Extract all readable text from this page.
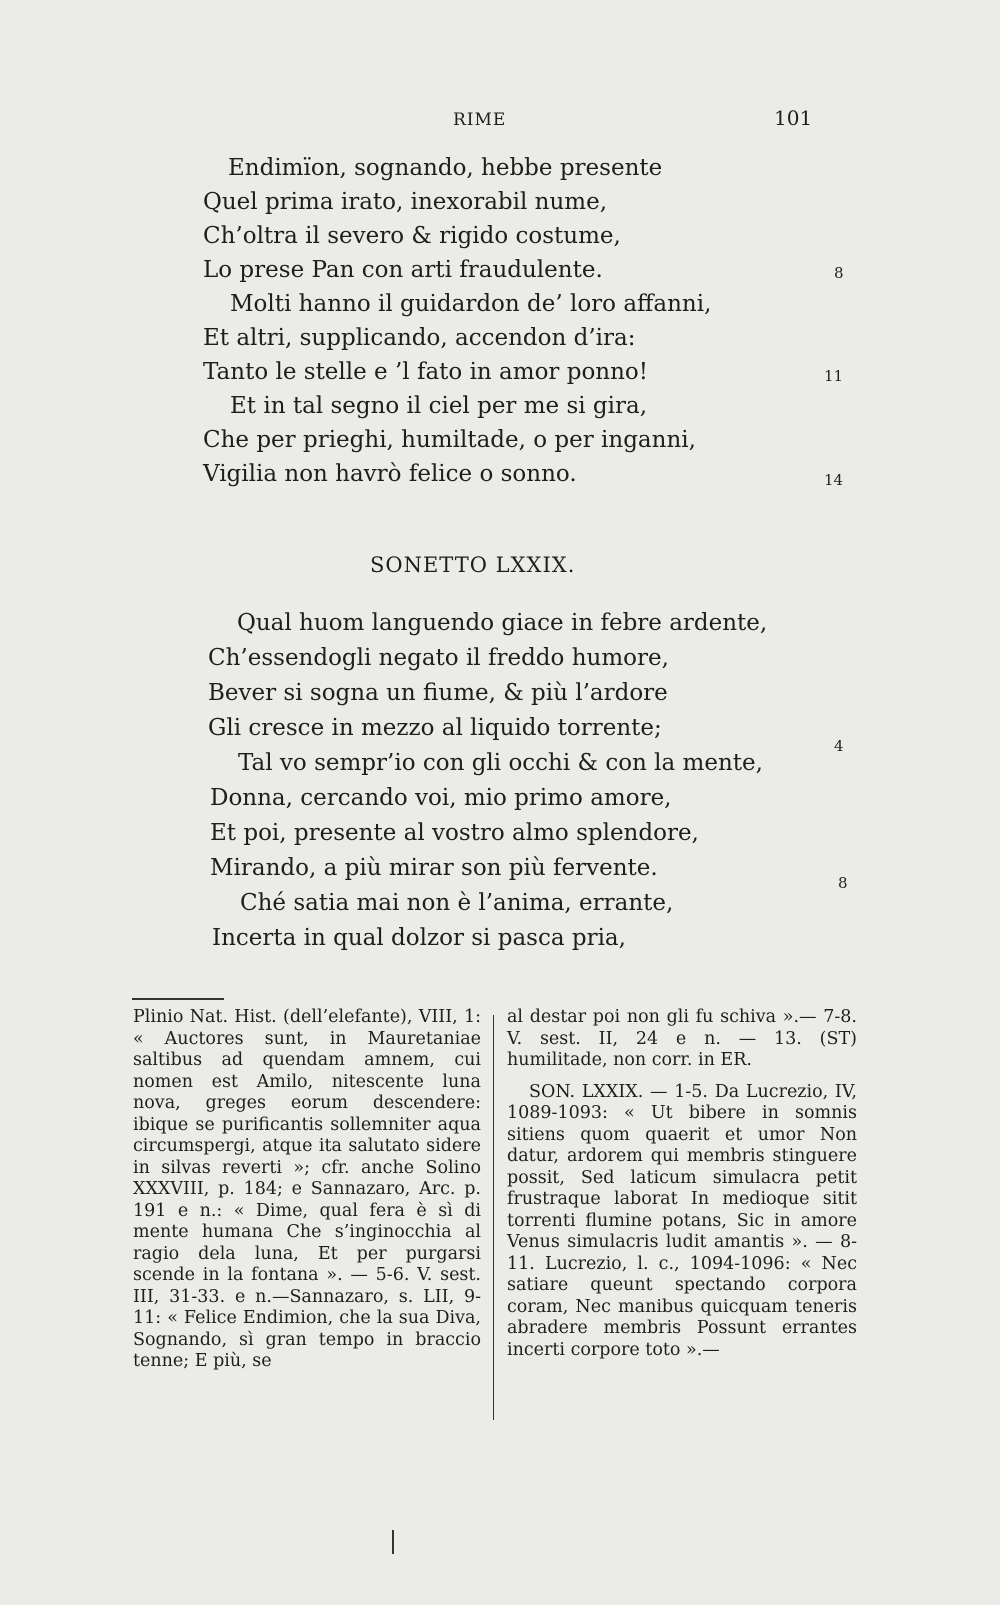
RIME	101
Endimïon, sognando, hebbe presente
Quel prima irato, inexorabil nume,
Ch’oltra il severo & rigido costume,
Lo prese Pan con arti fraudulente.	8
Molti hanno il guidardon de’ loro affanni,
Et altri, supplicando, accendon d’ira:
Tanto le stelle e ’l fato in amor ponno!	11
Et in tal segno il ciel per me si gira,
Che per prieghi, humiltade, o per inganni,
Vigilia non havrò felice o sonno.	14
SONETTO LXXIX.
Qual huom languendo giace in febre ardente,
Ch’essendogli negato il freddo humore,
Bever si sogna un fiume, & più l’ardore
Gli cresce in mezzo al liquido torrente;
4
Tal vo sempr’io con gli occhi & con la mente,
Donna, cercando voi, mio primo amore,
Et poi, presente al vostro almo splendore,
Mirando, a più mirar son più fervente.
8
Ché satia mai non è l’anima, errante,
Incerta in qual dolzor si pasca pria,

Plinio Nat. Hist. (dell’elefante), VIII, 1: « Auctores sunt, in Mauretaniae saltibus ad quendam amnem, cui nomen est Amilo, nitescente luna nova, greges eorum descendere: ibique se purificantis sollemniter aqua circumspergi, atque ita salutato sidere in silvas reverti »; cfr. anche Solino XXXVIII, p. 184; e Sannazaro, Arc. p. 191 e n.: « Dime, qual fera è sì di mente humana Che s’inginocchia al ragio dela luna, Et per purgarsi scende in la fontana ». — 5-6. V. sest. III, 31-33. e n.—Sannazaro, s. LII, 9-11: « Felice Endimion, che la sua Diva, Sognando, sì gran tempo in braccio tenne; E più, se

al destar poi non gli fu schiva ».— 7-8. V. sest. II, 24 e n. — 13. (ST) humilitade, non corr. in ER.

SON. LXXIX. — 1-5. Da Lucrezio, IV, 1089-1093: « Ut bibere in somnis sitiens quom quaerit et umor Non datur, ardorem qui membris stinguere possit, Sed laticum simulacra petit frustraque laborat In medioque sitit torrenti flumine potans, Sic in amore Venus simulacris ludit amantis ». — 8-11. Lucrezio, l. c., 1094-1096: « Nec satiare queunt spectando corpora coram, Nec manibus quicquam teneris abradere membris Possunt errantes incerti corpore toto ».—
